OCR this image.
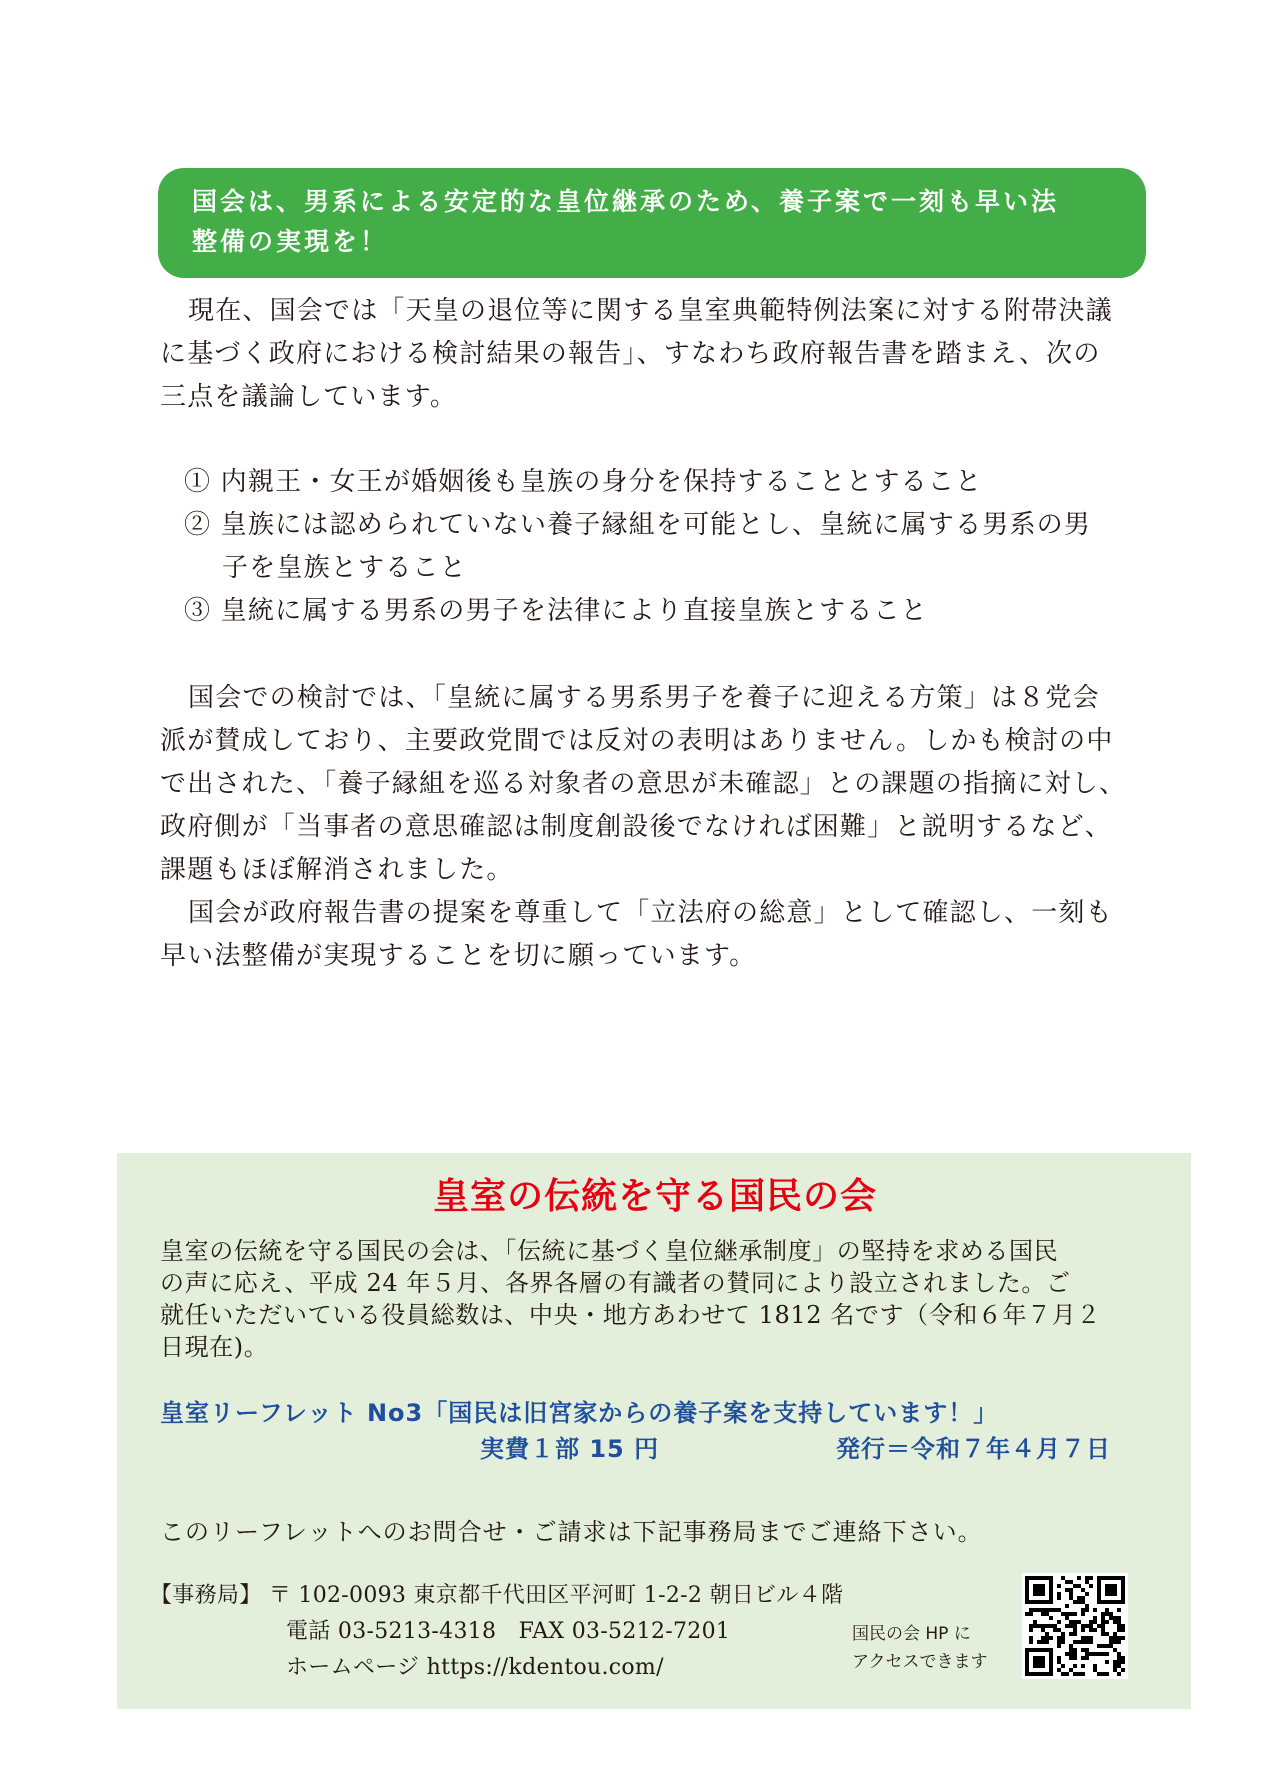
国会は、男系による安定的な皇位継承のため、養子案で一刻も早い法
整備の実現を！
現在、国会では「天皇の退位等に関する皇室典範特例法案に対する附帯決議
に基づく政府における検討結果の報告」、すなわち政府報告書を踏まえ、次の
三点を議論しています。
① 内親王・女王が婚姻後も皇族の身分を保持することとすること
② 皇族には認められていない養子縁組を可能とし、皇統に属する男系の男
子を皇族とすること
③ 皇統に属する男系の男子を法律により直接皇族とすること
国会での検討では、「皇統に属する男系男子を養子に迎える方策」は８党会
派が賛成しており、主要政党間では反対の表明はありません。しかも検討の中
で出された、「養子縁組を巡る対象者の意思が未確認」との課題の指摘に対し、
政府側が「当事者の意思確認は制度創設後でなければ困難」と説明するなど、
課題もほぼ解消されました。
国会が政府報告書の提案を尊重して「立法府の総意」として確認し、一刻も
早い法整備が実現することを切に願っています。
皇室の伝統を守る国民の会
皇室の伝統を守る国民の会は、「伝統に基づく皇位継承制度」の堅持を求める国民
の声に応え、平成 24 年５月、各界各層の有識者の賛同により設立されました。ご
就任いただいている役員総数は、中央・地方あわせて 1812 名です（令和６年７月２
日現在)。
皇室リーフレット No3「国民は旧宮家からの養子案を支持しています！」
実費１部 15 円	発行＝令和７年４月７日
このリーフレットへのお問合せ・ご請求は下記事務局までご連絡下さい。
【事務局】 〒 102-0093 東京都千代田区平河町 1-2-2 朝日ビル４階
電話 03-5213-4318　FAX 03-5212-7201
ホームページ https://kdentou.com/
国民の会 HP に
アクセスできます
